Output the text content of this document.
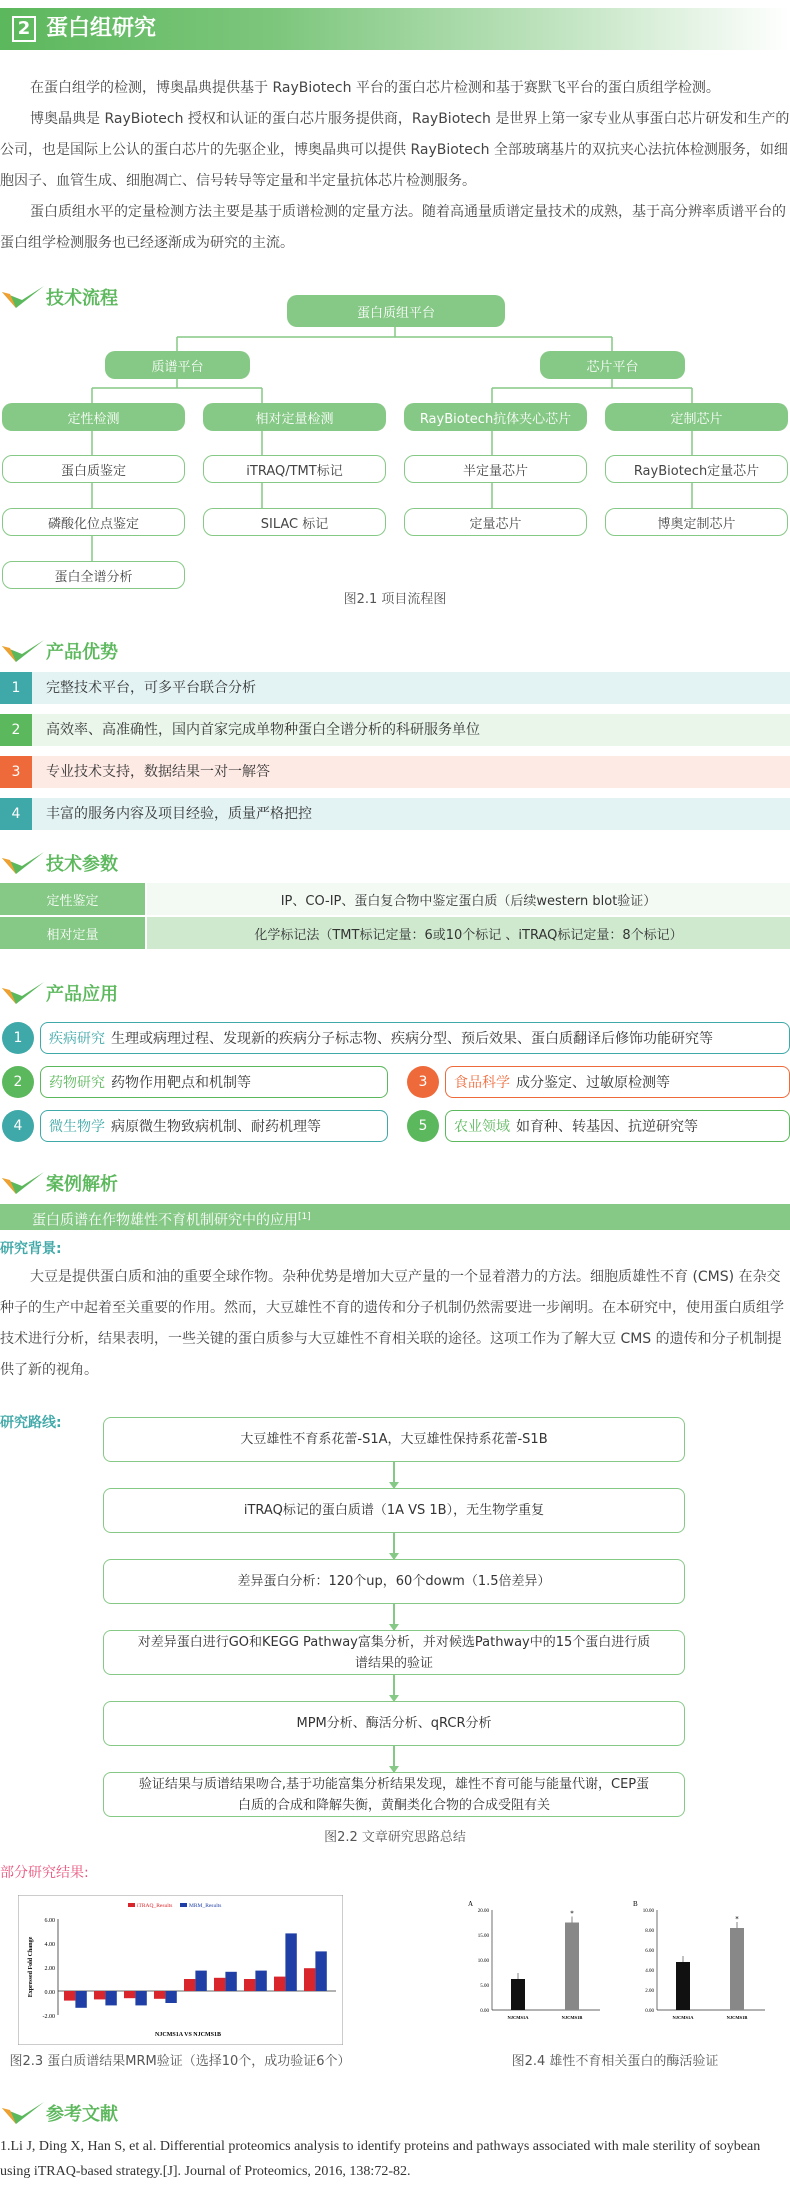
2 蛋白组研究
在蛋白组学的检测，博奥晶典提供基于 RayBiotech 平台的蛋白芯片检测和基于赛默飞平台的蛋白质组学检测。
博奥晶典是 RayBiotech 授权和认证的蛋白芯片服务提供商，RayBiotech 是世界上第一家专业从事蛋白芯片研发和生产的公司，也是国际上公认的蛋白芯片的先驱企业，博奥晶典可以提供 RayBiotech 全部玻璃基片的双抗夹心法抗体检测服务，如细胞因子、血管生成、细胞凋亡、信号转导等定量和半定量抗体芯片检测服务。
蛋白质组水平的定量检测方法主要是基于质谱检测的定量方法。随着高通量质谱定量技术的成熟，基于高分辨率质谱平台的蛋白组学检测服务也已经逐渐成为研究的主流。
技术流程
蛋白质组平台
质谱平台	芯片平台
定性检测	相对定量检测	RayBiotech抗体夹心芯片	定制芯片
蛋白质鉴定
磷酸化位点鉴定
蛋白全谱分析
iTRAQ/TMT标记
SILAC 标记
半定量芯片
定量芯片
RayBiotech定量芯片
博奥定制芯片
图2.1 项目流程图
产品优势
1	完整技术平台，可多平台联合分析
2	高效率、高准确性，国内首家完成单物种蛋白全谱分析的科研服务单位
3	专业技术支持，数据结果一对一解答
4	丰富的服务内容及项目经验，质量严格把控
技术参数
定性鉴定	IP、CO-IP、蛋白复合物中鉴定蛋白质（后续western blot验证）
相对定量	化学标记法（TMT标记定量：6或10个标记 、iTRAQ标记定量：8个标记）
产品应用
疾病研究 生理或病理过程、发现新的疾病分子标志物、疾病分型、预后效果、蛋白质翻译后修饰功能研究等
1
药物研究 药物作用靶点和机制等
2	食品科学 成分鉴定、过敏原检测等
3
微生物学 病原微生物致病机制、耐药机理等
4	农业领域 如育种、转基因、抗逆研究等
5
案例解析
蛋白质谱在作物雄性不育机制研究中的应用[1]
研究背景:
大豆是提供蛋白质和油的重要全球作物。杂种优势是增加大豆产量的一个显着潜力的方法。细胞质雄性不育 (CMS) 在杂交种子的生产中起着至关重要的作用。然而，大豆雄性不育的遗传和分子机制仍然需要进一步阐明。在本研究中，使用蛋白质组学技术进行分析，结果表明，一些关键的蛋白质参与大豆雄性不育相关联的途径。这项工作为了解大豆 CMS 的遗传和分子机制提供了新的视角。
研究路线:
大豆雄性不育系花蕾-S1A，大豆雄性保持系花蕾-S1B
iTRAQ标记的蛋白质谱（1A VS 1B），无生物学重复
差异蛋白分析：120个up，60个dowm（1.5倍差异）
对差异蛋白进行GO和KEGG Pathway富集分析，并对候选Pathway中的15个蛋白进行质谱结果的验证
MPM分析、酶活分析、qRCR分析
验证结果与质谱结果吻合,基于功能富集分析结果发现，雄性不育可能与能量代谢，CEP蛋白质的合成和降解失衡，黄酮类化合物的合成受阻有关
图2.2 文章研究思路总结
部分研究结果:
6.00
4.00
2.00
0.00
-2.00
Expressed Fold Change
NJCMS1A VS NJCMS1B
iTRAQ_Results	MRM_Results
图2.3 蛋白质谱结果MRM验证（选择10个，成功验证6个）
A
20.00
15.00
10.00
5.00
0.00
NJCMS1A	NJCMS1B
*
B
10.00
8.00
6.00
4.00
2.00
0.00
NJCMS1A	NJCMS1B
*
图2.4 雄性不育相关蛋白的酶活验证
参考文献
1.Li J, Ding X, Han S, et al. Differential proteomics analysis to identify proteins and pathways associated with male sterility of soybean using iTRAQ-based strategy.[J]. Journal of Proteomics, 2016, 138:72-82.
